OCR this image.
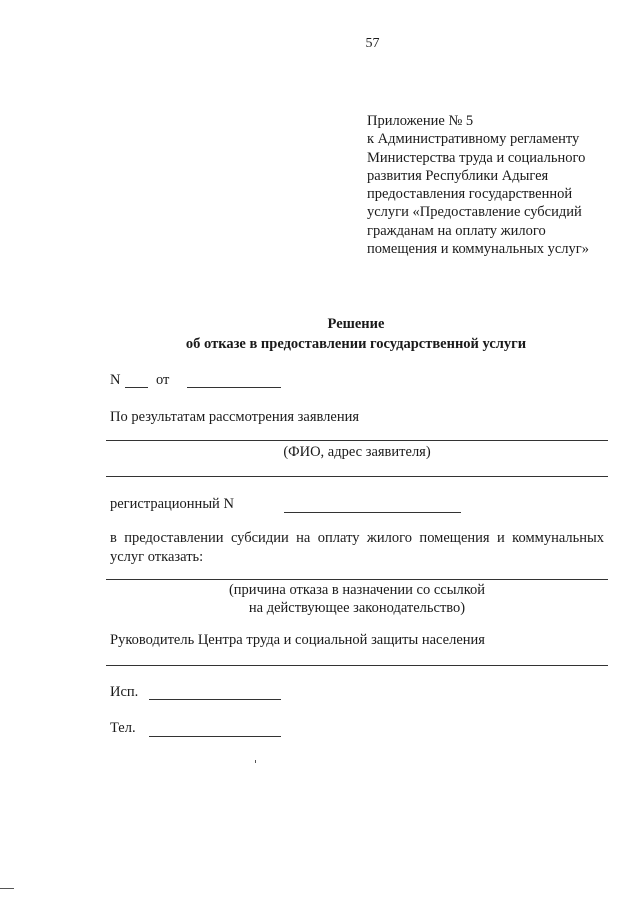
57
Приложение № 5
к Административному регламенту
Министерства труда и социального
развития Республики Адыгея
предоставления государственной
услуги «Предоставление субсидий
гражданам на оплату жилого
помещения и коммунальных услуг»
Решение
об отказе в предоставлении государственной услуги
N от
По результатам рассмотрения заявления
(ФИО, адрес заявителя)
регистрационный N
в предоставлении субсидии на оплату жилого помещения и коммунальных
услуг отказать:
(причина отказа в назначении со ссылкой
на действующее законодательство)
Руководитель Центра труда и социальной защиты населения
Исп.
Тел.
